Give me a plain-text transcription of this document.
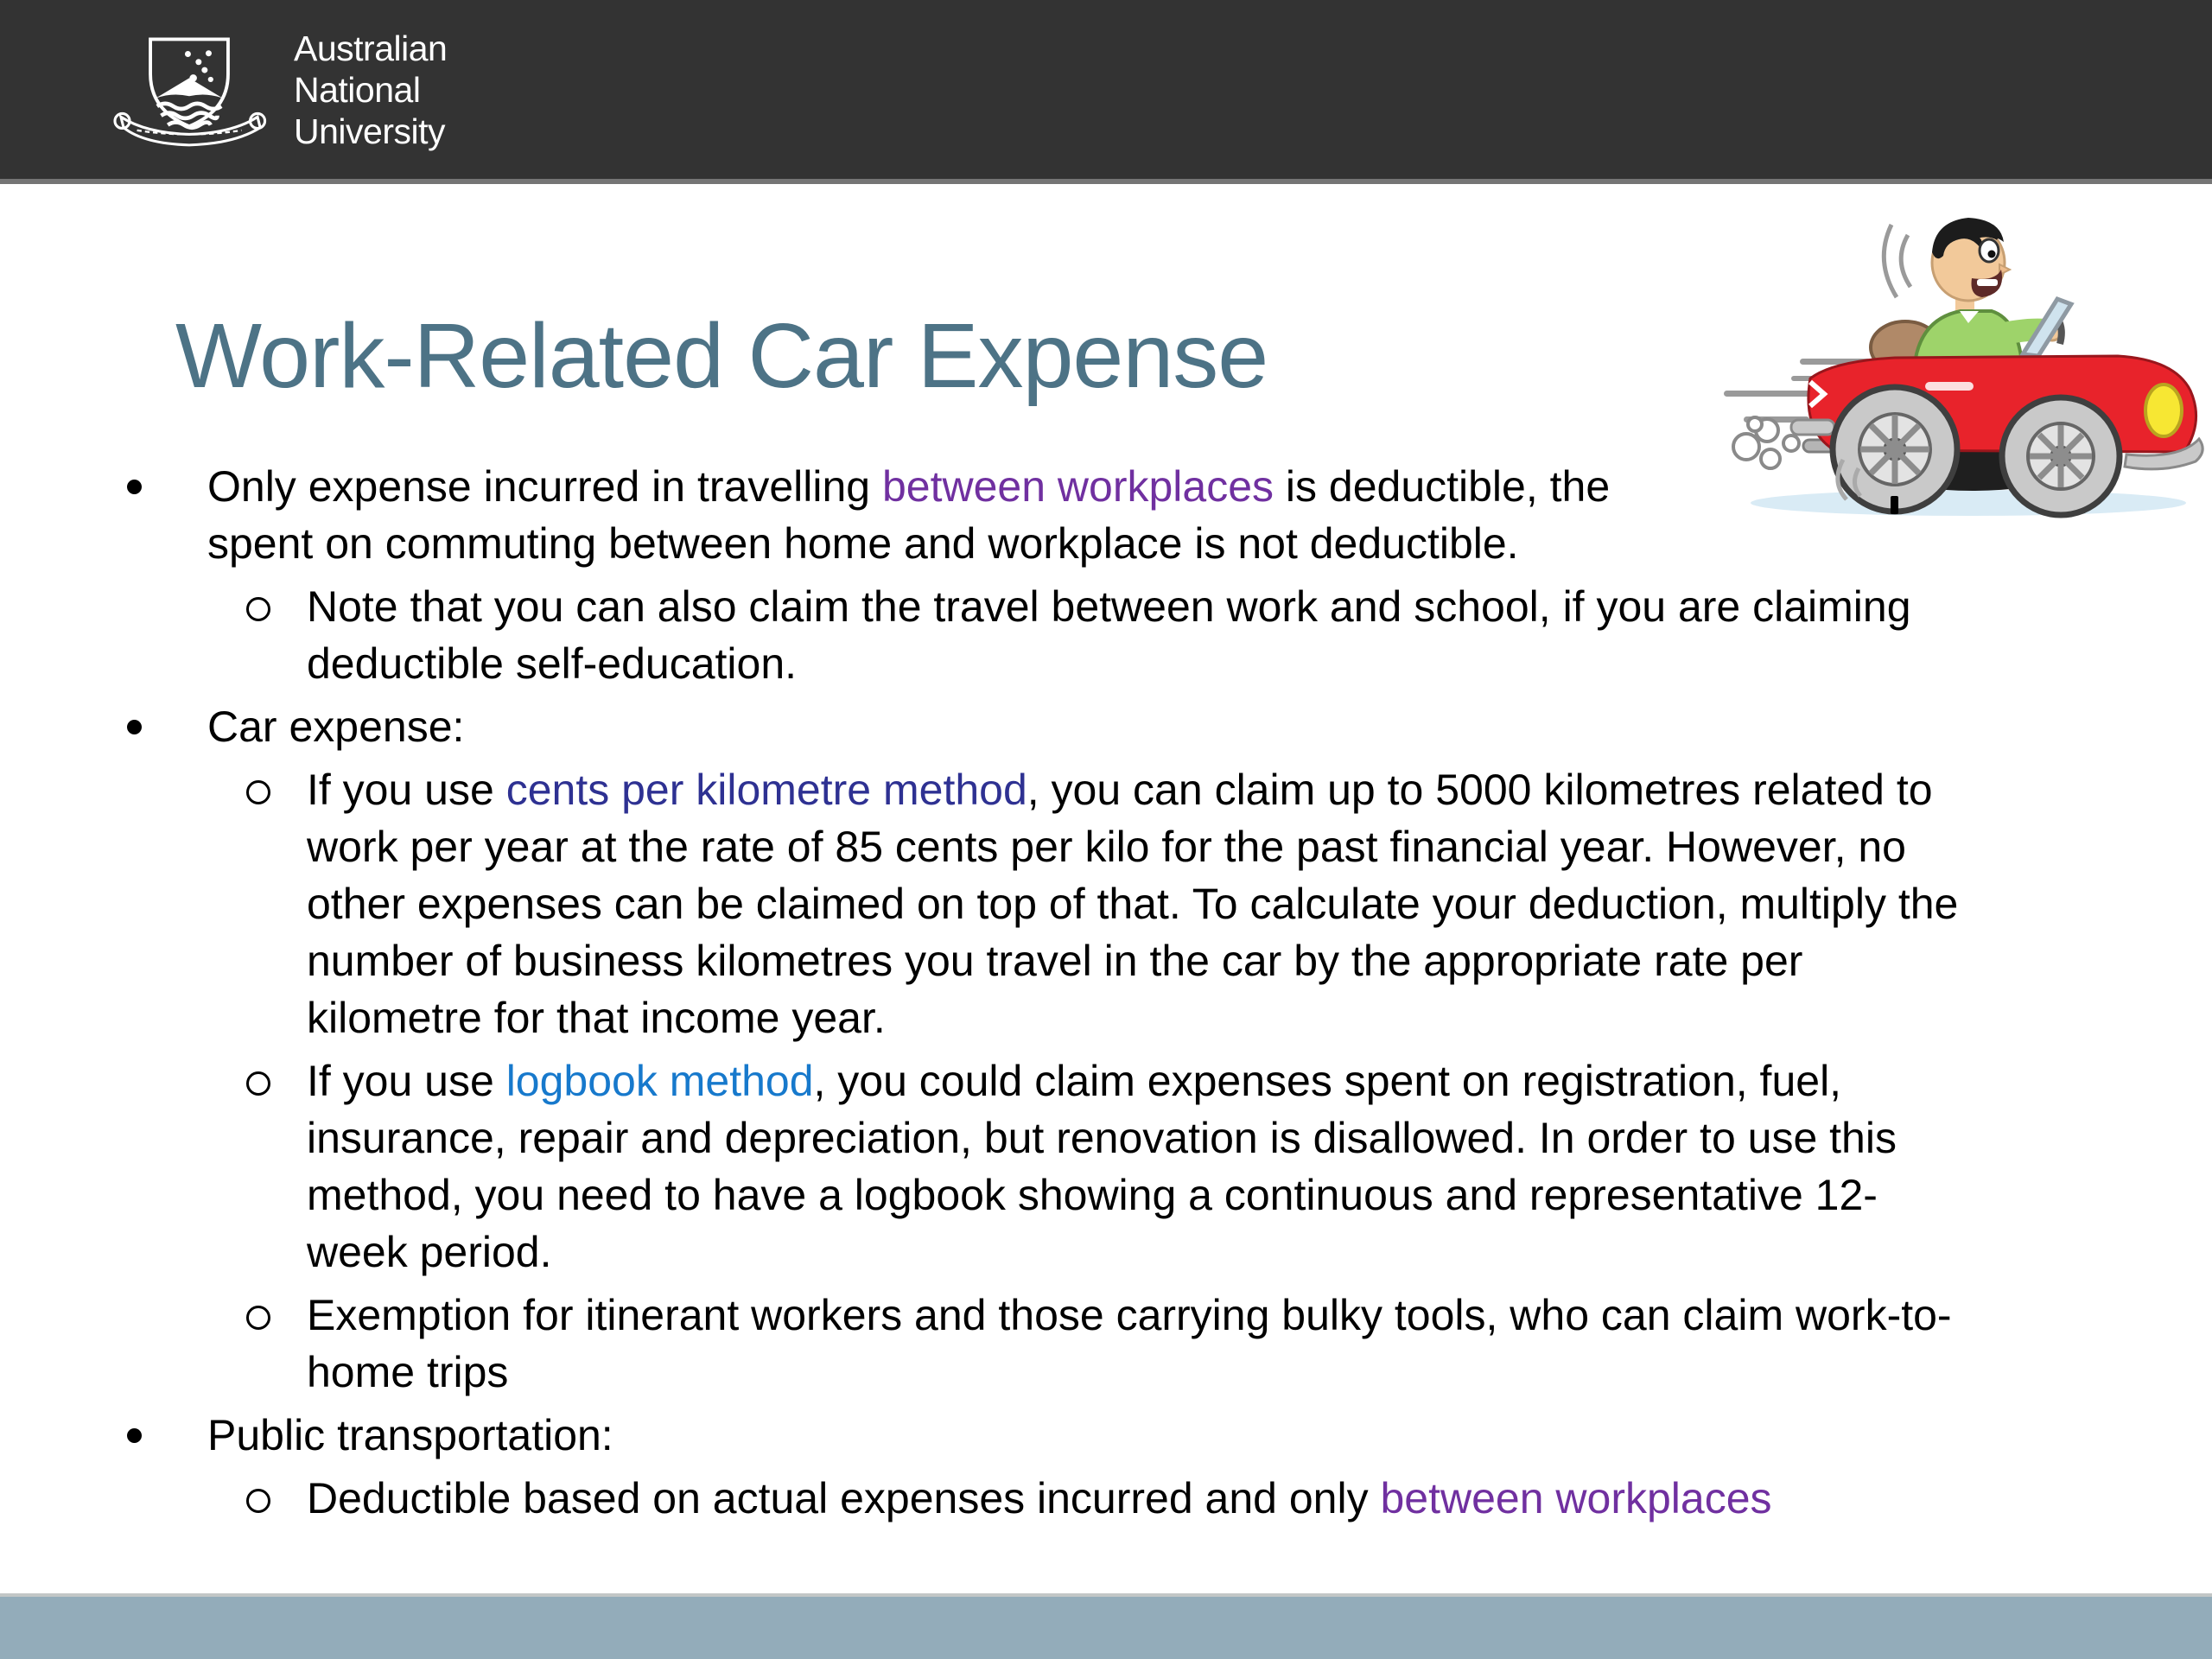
Australian
National
University
Work-Related Car Expense
Only expense incurred in travelling between workplaces is deductible, the
spent on commuting between home and workplace is not deductible.
Note that you can also claim the travel between work and school, if you are claiming
deductible self-education.
Car expense:
If you use cents per kilometre method, you can claim up to 5000 kilometres related to
work per year at the rate of 85 cents per kilo for the past financial year. However, no
other expenses can be claimed on top of that. To calculate your deduction, multiply the
number of business kilometres you travel in the car by the appropriate rate per
kilometre for that income year.
If you use logbook method, you could claim expenses spent on registration, fuel,
insurance, repair and depreciation, but renovation is disallowed. In order to use this
method, you need to have a logbook showing a continuous and representative 12-
week period.
Exemption for itinerant workers and those carrying bulky tools, who can claim work-to-
home trips
Public transportation:
Deductible based on actual expenses incurred and only between workplaces
